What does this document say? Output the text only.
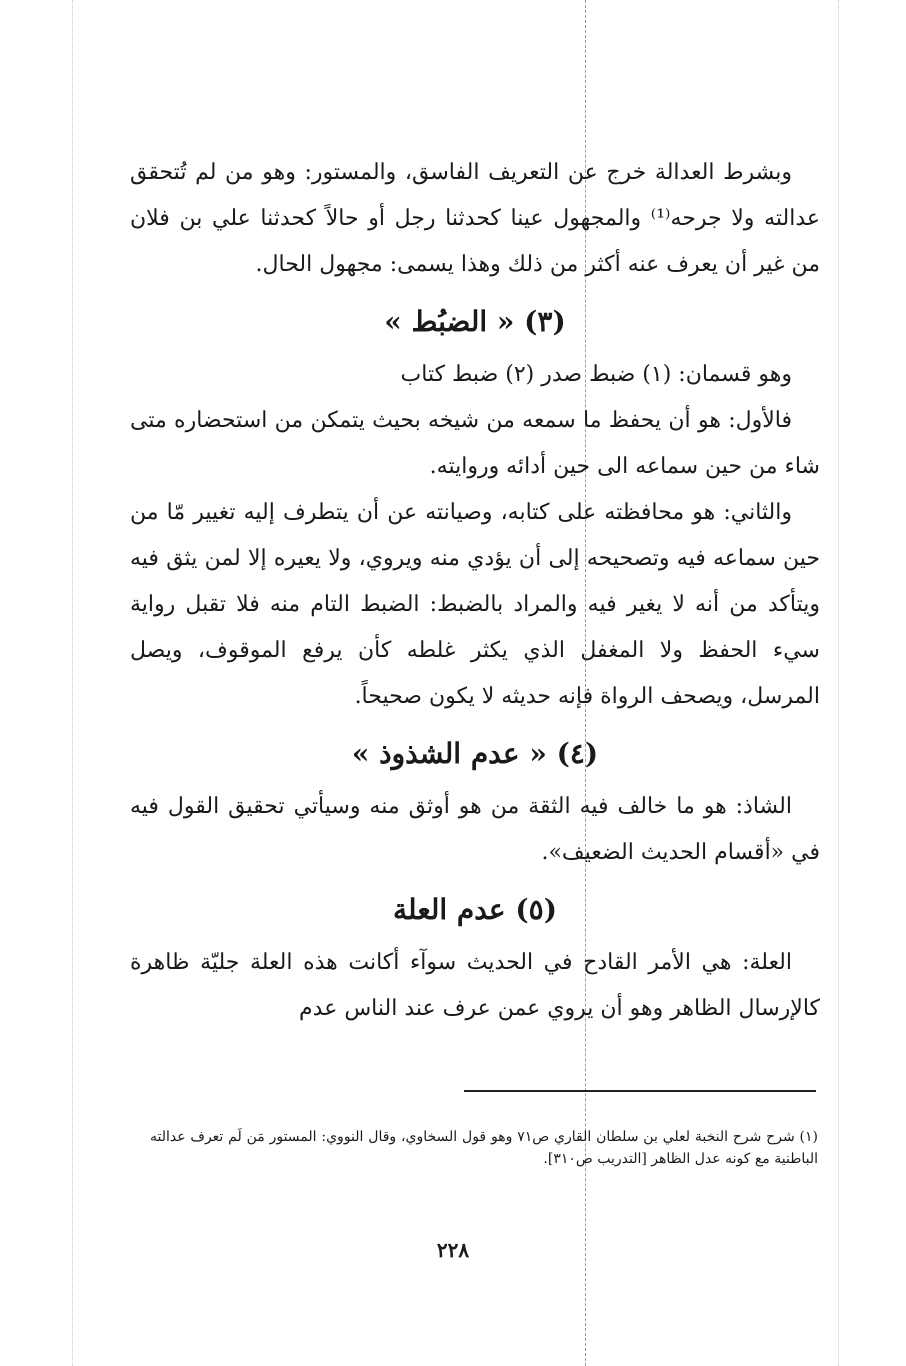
وبشرط العدالة خرج عن التعريف الفاسق، والمستور: وهو من لم تُتحقق عدالته ولا جرحه⁽¹⁾ والمجهول عينا كحدثنا رجل أو حالاً كحدثنا علي بن فلان من غير أن يعرف عنه أكثر من ذلك وهذا يسمى: مجهول الحال.

(٣) « الضبُط »

وهو قسمان: (١) ضبط صدر (٢) ضبط كتاب

فالأول: هو أن يحفظ ما سمعه من شيخه بحيث يتمكن من استحضاره متى شاء من حين سماعه الى حين أدائه وروايته.

والثاني: هو محافظته على كتابه، وصيانته عن أن يتطرف إليه تغيير مّا من حين سماعه فيه وتصحيحه إلى أن يؤدي منه ويروي، ولا يعيره إلا لمن يثق فيه ويتأكد من أنه لا يغير فيه والمراد بالضبط: الضبط التام منه فلا تقبل رواية سيء الحفظ ولا المغفل الذي يكثر غلطه كأن يرفع الموقوف، ويصل المرسل، ويصحف الرواة فإنه حديثه لا يكون صحيحاً.

(٤) « عدم الشذوذ »

الشاذ: هو ما خالف فيه الثقة من هو أوثق منه وسيأتي تحقيق القول فيه في «أقسام الحديث الضعيف».

(٥) عدم العلة

العلة: هي الأمر القادح في الحديث سوآء أكانت هذه العلة جليّة ظاهرة كالإرسال الظاهر وهو أن يروي عمن عرف عند الناس عدم

(١) شرح شرح النخبة لعلي بن سلطان القاري ص٧١ وهو قول السخاوي، وقال النووي: المستور مَن لَم تعرف عدالته الباطنية مع كونه عدل الظاهر [التدريب ص٣١٠].
٢٢٨
